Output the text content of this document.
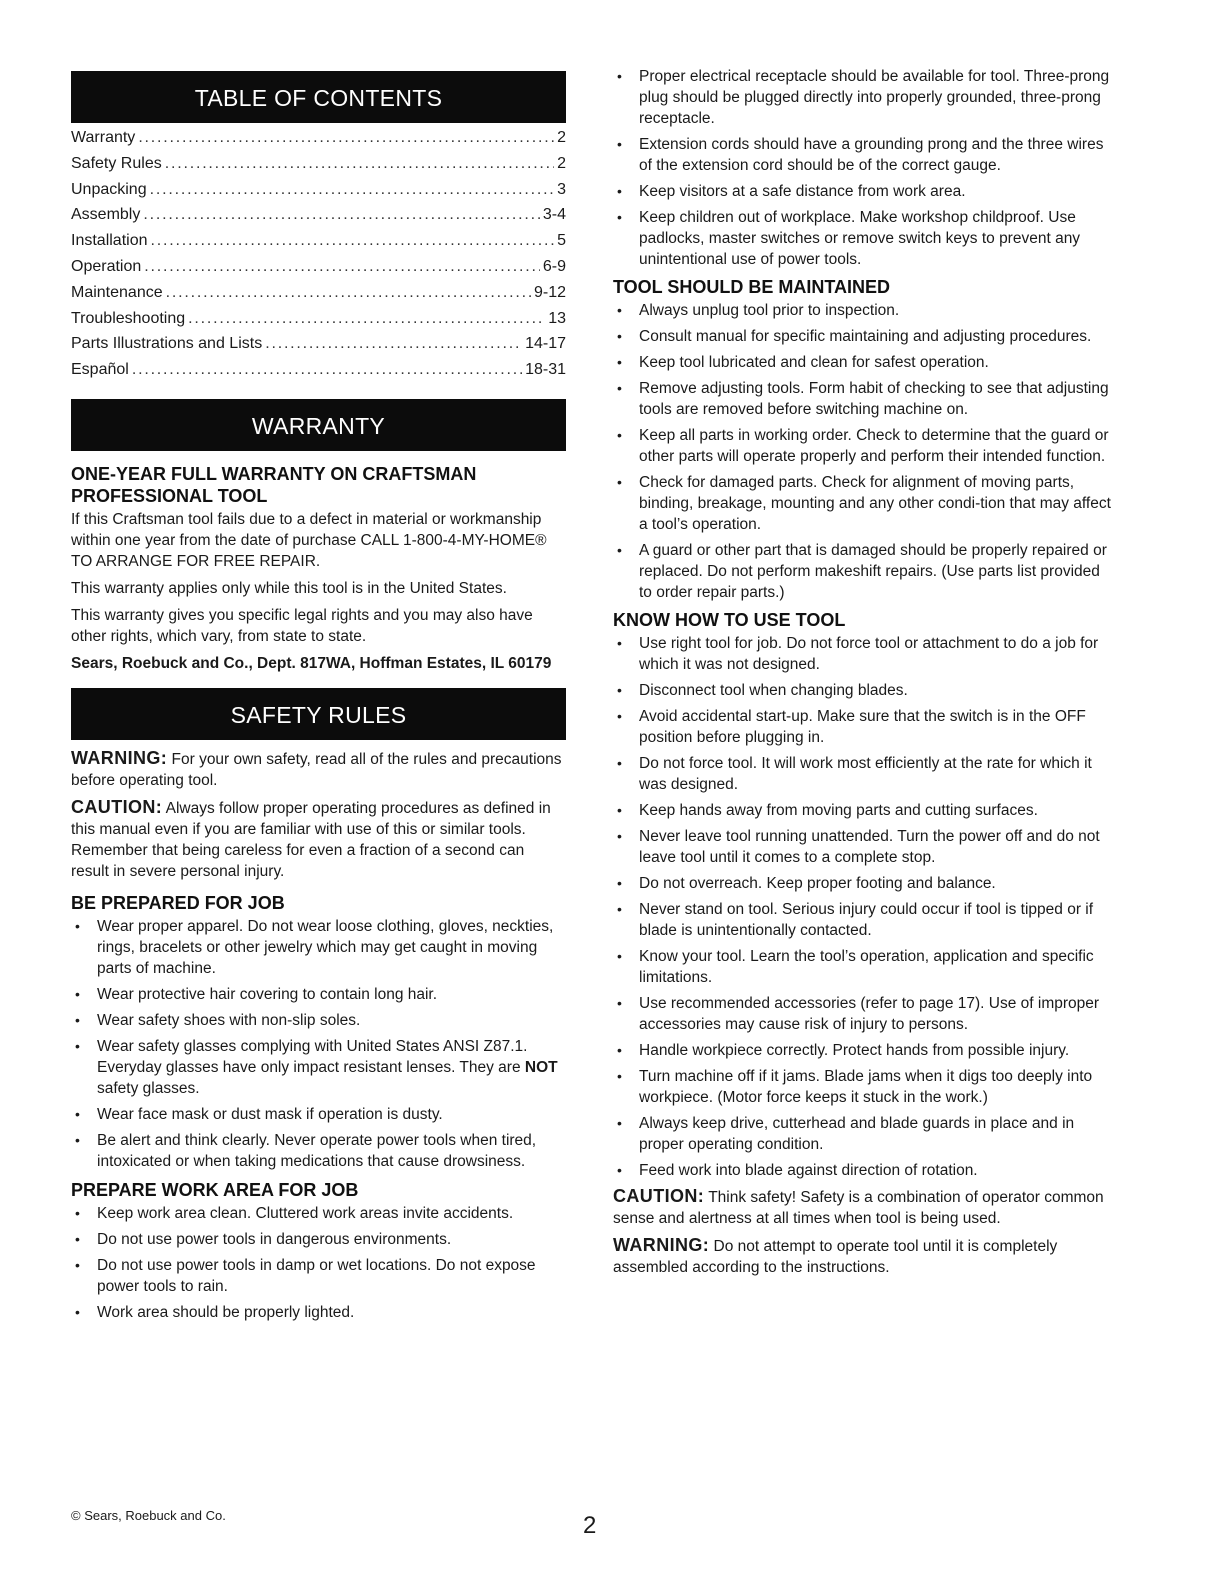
TABLE OF CONTENTS
Warranty .....	2
Safety Rules .....	2
Unpacking .....	3
Assembly .....	3-4
Installation .....	5
Operation .....	6-9
Maintenance .....	9-12
Troubleshooting .....	13
Parts Illustrations and Lists .....	14-17
Español .....	18-31
WARRANTY
ONE-YEAR FULL WARRANTY ON CRAFTSMAN PROFESSIONAL TOOL

If this Craftsman tool fails due to a defect in material or workmanship within one year from the date of purchase CALL 1-800-4-MY-HOME® TO ARRANGE FOR FREE REPAIR.

This warranty applies only while this tool is in the United States.

This warranty gives you specific legal rights and you may also have other rights, which vary, from state to state.

Sears, Roebuck and Co., Dept. 817WA, Hoffman Estates, IL 60179

SAFETY RULES

WARNING: For your own safety, read all of the rules and precautions before operating tool.

CAUTION: Always follow proper operating procedures as defined in this manual even if you are familiar with use of this or similar tools. Remember that being careless for even a fraction of a second can result in severe personal injury.

BE PREPARED FOR JOB
• Wear proper apparel. Do not wear loose clothing, gloves, neckties, rings, bracelets or other jewelry which may get caught in moving parts of machine.
• Wear protective hair covering to contain long hair.
• Wear safety shoes with non-slip soles.
• Wear safety glasses complying with United States ANSI Z87.1. Everyday glasses have only impact resistant lenses. They are NOT safety glasses.
• Wear face mask or dust mask if operation is dusty.
• Be alert and think clearly. Never operate power tools when tired, intoxicated or when taking medications that cause drowsiness.
PREPARE WORK AREA FOR JOB
• Keep work area clean. Cluttered work areas invite accidents.
• Do not use power tools in dangerous environments.
• Do not use power tools in damp or wet locations. Do not expose power tools to rain.
• Work area should be properly lighted.
• Proper electrical receptacle should be available for tool. Three-prong plug should be plugged directly into properly grounded, three-prong receptacle.
• Extension cords should have a grounding prong and the three wires of the extension cord should be of the correct gauge.
• Keep visitors at a safe distance from work area.
• Keep children out of workplace. Make workshop childproof. Use padlocks, master switches or remove switch keys to prevent any unintentional use of power tools.
TOOL SHOULD BE MAINTAINED
• Always unplug tool prior to inspection.
• Consult manual for specific maintaining and adjusting procedures.
• Keep tool lubricated and clean for safest operation.
• Remove adjusting tools. Form habit of checking to see that adjusting tools are removed before switching machine on.
• Keep all parts in working order. Check to determine that the guard or other parts will operate properly and perform their intended function.
• Check for damaged parts. Check for alignment of moving parts, binding, breakage, mounting and any other condi-tion that may affect a tool’s operation.
• A guard or other part that is damaged should be properly repaired or replaced. Do not perform makeshift repairs. (Use parts list provided to order repair parts.)
KNOW HOW TO USE TOOL
• Use right tool for job. Do not force tool or attachment to do a job for which it was not designed.
• Disconnect tool when changing blades.
• Avoid accidental start-up. Make sure that the switch is in the OFF position before plugging in.
• Do not force tool. It will work most efficiently at the rate for which it was designed.
• Keep hands away from moving parts and cutting surfaces.
• Never leave tool running unattended. Turn the power off and do not leave tool until it comes to a complete stop.
• Do not overreach. Keep proper footing and balance.
• Never stand on tool. Serious injury could occur if tool is tipped or if blade is unintentionally contacted.
• Know your tool. Learn the tool’s operation, application and specific limitations.
• Use recommended accessories (refer to page 17). Use of improper accessories may cause risk of injury to persons.
• Handle workpiece correctly. Protect hands from possible injury.
• Turn machine off if it jams. Blade jams when it digs too deeply into workpiece. (Motor force keeps it stuck in the work.)
• Always keep drive, cutterhead and blade guards in place and in proper operating condition.
• Feed work into blade against direction of rotation.

CAUTION: Think safety! Safety is a combination of operator common sense and alertness at all times when tool is being used.

WARNING: Do not attempt to operate tool until it is completely assembled according to the instructions.

© Sears, Roebuck and Co.	2
